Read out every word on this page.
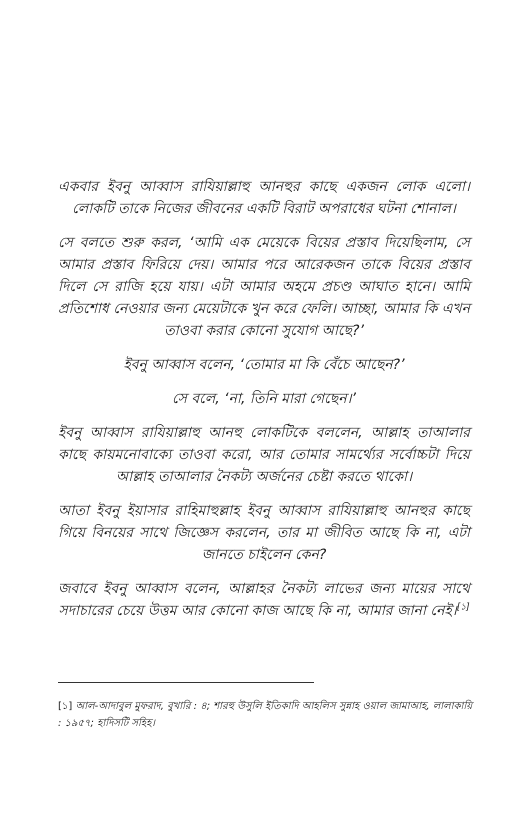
একবার ইবনু আব্বাস রাযিয়াল্লাহু আনহুর কাছে একজন লোক এলো। লোকটি তাকে নিজের জীবনের একটি বিরাট অপরাধের ঘটনা শোনাল।

সে বলতে শুরু করল, ‘আমি এক মেয়েকে বিয়ের প্রস্তাব দিয়েছিলাম, সে আমার প্রস্তাব ফিরিয়ে দেয়। আমার পরে আরেকজন তাকে বিয়ের প্রস্তাব দিলে সে রাজি হয়ে যায়। এটা আমার অহমে প্রচণ্ড আঘাত হানে। আমি প্রতিশোধ নেওয়ার জন্য মেয়েটাকে খুন করে ফেলি। আচ্ছা, আমার কি এখন তাওবা করার কোনো সুযোগ আছে?’

ইবনু আব্বাস বলেন, ‘তোমার মা কি বেঁচে আছেন?’

সে বলে, ‘না, তিনি মারা গেছেন।’

ইবনু আব্বাস রাযিয়াল্লাহু আনহু লোকটিকে বললেন, আল্লাহ তাআলার কাছে কায়মনোবাক্যে তাওবা করো, আর তোমার সামর্থ্যের সর্বোচ্চটা দিয়ে আল্লাহ তাআলার নৈকট্য অর্জনের চেষ্টা করতে থাকো।

আতা ইবনু ইয়াসার রাহিমাহুল্লাহ ইবনু আব্বাস রাযিয়াল্লাহু আনহুর কাছে গিয়ে বিনয়ের সাথে জিজ্ঞেস করলেন, তার মা জীবিত আছে কি না, এটা জানতে চাইলেন কেন?

জবাবে ইবনু আব্বাস বলেন, আল্লাহর নৈকট্য লাভের জন্য মায়ের সাথে সদাচারের চেয়ে উত্তম আর কোনো কাজ আছে কি না, আমার জানা নেই।[১]

[১] আল-আদাবুল মুফরাদ, বুখারি : ৪; শারহু উসুলি ইতিকাদি আহলিস সুন্নাহ ওয়াল জামাআহ, লালাকায়ি : ১৯৫৭; হাদিসটি সহিহ।
